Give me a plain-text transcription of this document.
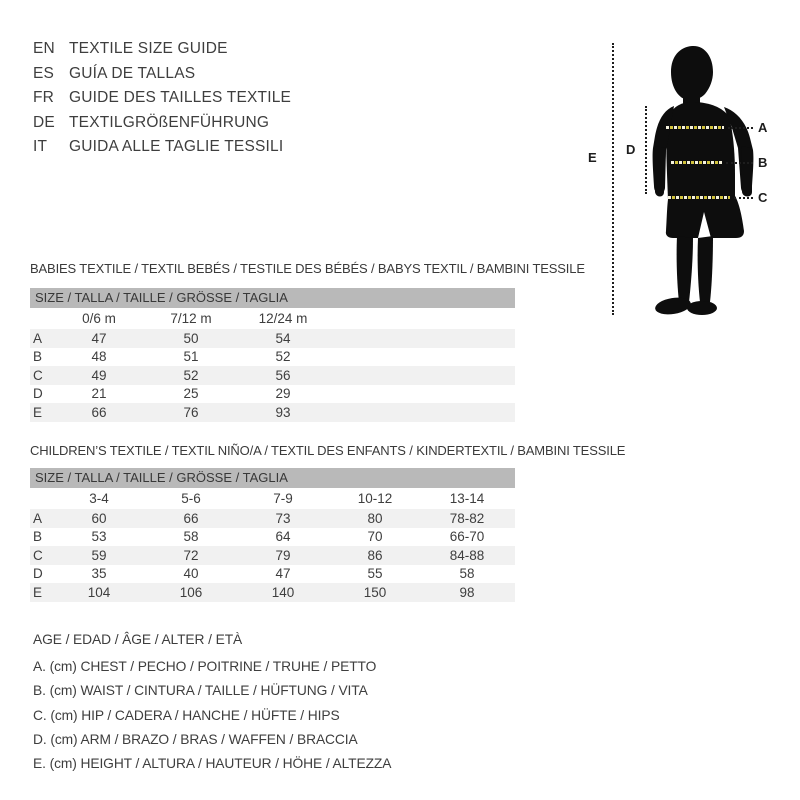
EN TEXTILE SIZE GUIDE
ES GUÍA DE TALLAS
FR GUIDE DES TAILLES TEXTILE
DE TEXTILGRÖßENFÜHRUNG
IT	GUIDA ALLE TAGLIE TESSILI
A
B
C
D
E
BABIES TEXTILE / TEXTIL BEBÉS / TESTILE DES BÉBÉS / BABYS TEXTIL / BAMBINI TESSILE
SIZE / TALLA / TAILLE / GRÖSSE / TAGLIA
	0/6 m	7/12 m	12/24 m	
A	47	50	54	
B	48	51	52	
C	49	52	56	
D	21	25	29	
E	66	76	93	
CHILDREN’S TEXTILE / TEXTIL NIÑO/A / TEXTIL DES ENFANTS / KINDERTEXTIL / BAMBINI TESSILE
SIZE / TALLA / TAILLE / GRÖSSE / TAGLIA
	3-4	5-6	7-9	10-12	13-14	
A	60	66	73	80	78-82	
B	53	58	64	70	66-70	
C	59	72	79	86	84-88	
D	35	40	47	55	58	
E	104	106	140	150	98	
AGE / EDAD / ÂGE / ALTER / ETÀ
A. (cm) CHEST / PECHO / POITRINE / TRUHE / PETTO
B. (cm) WAIST / CINTURA / TAILLE / HÜFTUNG / VITA
C. (cm) HIP / CADERA / HANCHE / HÜFTE / HIPS
D. (cm) ARM / BRAZO / BRAS / WAFFEN / BRACCIA
E. (cm) HEIGHT / ALTURA / HAUTEUR / HÖHE / ALTEZZA
